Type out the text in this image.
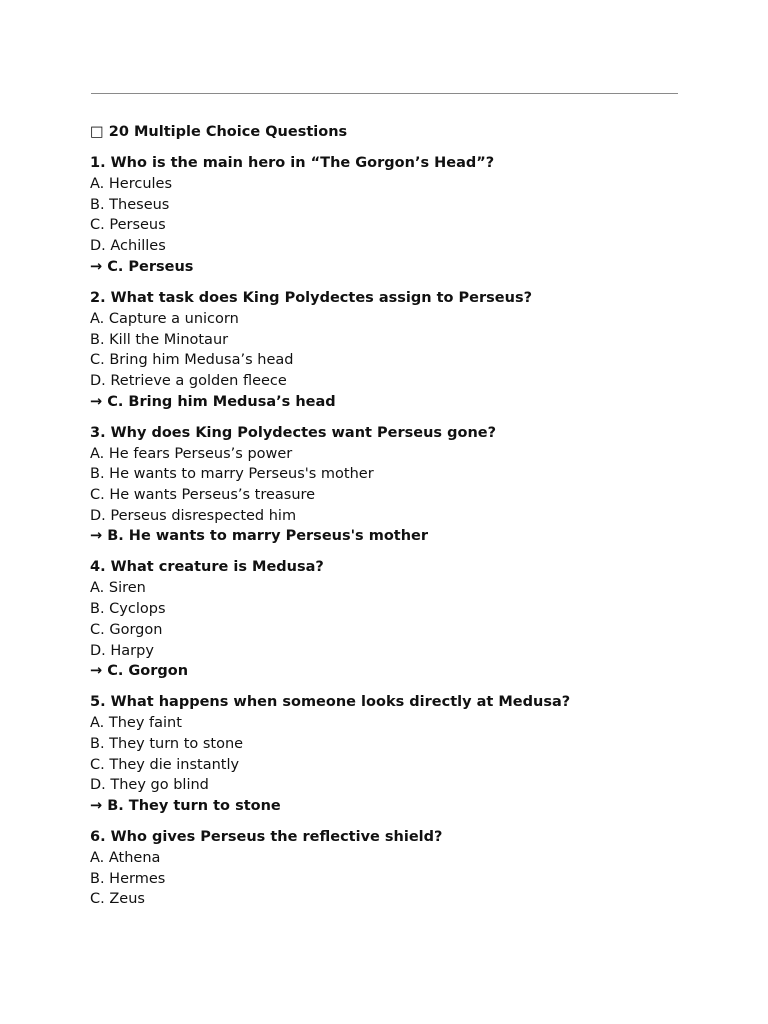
□ 20 Multiple Choice Questions
1. Who is the main hero in “The Gorgon’s Head”?
A. Hercules
B. Theseus
C. Perseus
D. Achilles
→ C. Perseus
2. What task does King Polydectes assign to Perseus?
A. Capture a unicorn
B. Kill the Minotaur
C. Bring him Medusa’s head
D. Retrieve a golden fleece
→ C. Bring him Medusa’s head
3. Why does King Polydectes want Perseus gone?
A. He fears Perseus’s power
B. He wants to marry Perseus's mother
C. He wants Perseus’s treasure
D. Perseus disrespected him
→ B. He wants to marry Perseus's mother
4. What creature is Medusa?
A. Siren
B. Cyclops
C. Gorgon
D. Harpy
→ C. Gorgon
5. What happens when someone looks directly at Medusa?
A. They faint
B. They turn to stone
C. They die instantly
D. They go blind
→ B. They turn to stone
6. Who gives Perseus the reflective shield?
A. Athena
B. Hermes
C. Zeus
